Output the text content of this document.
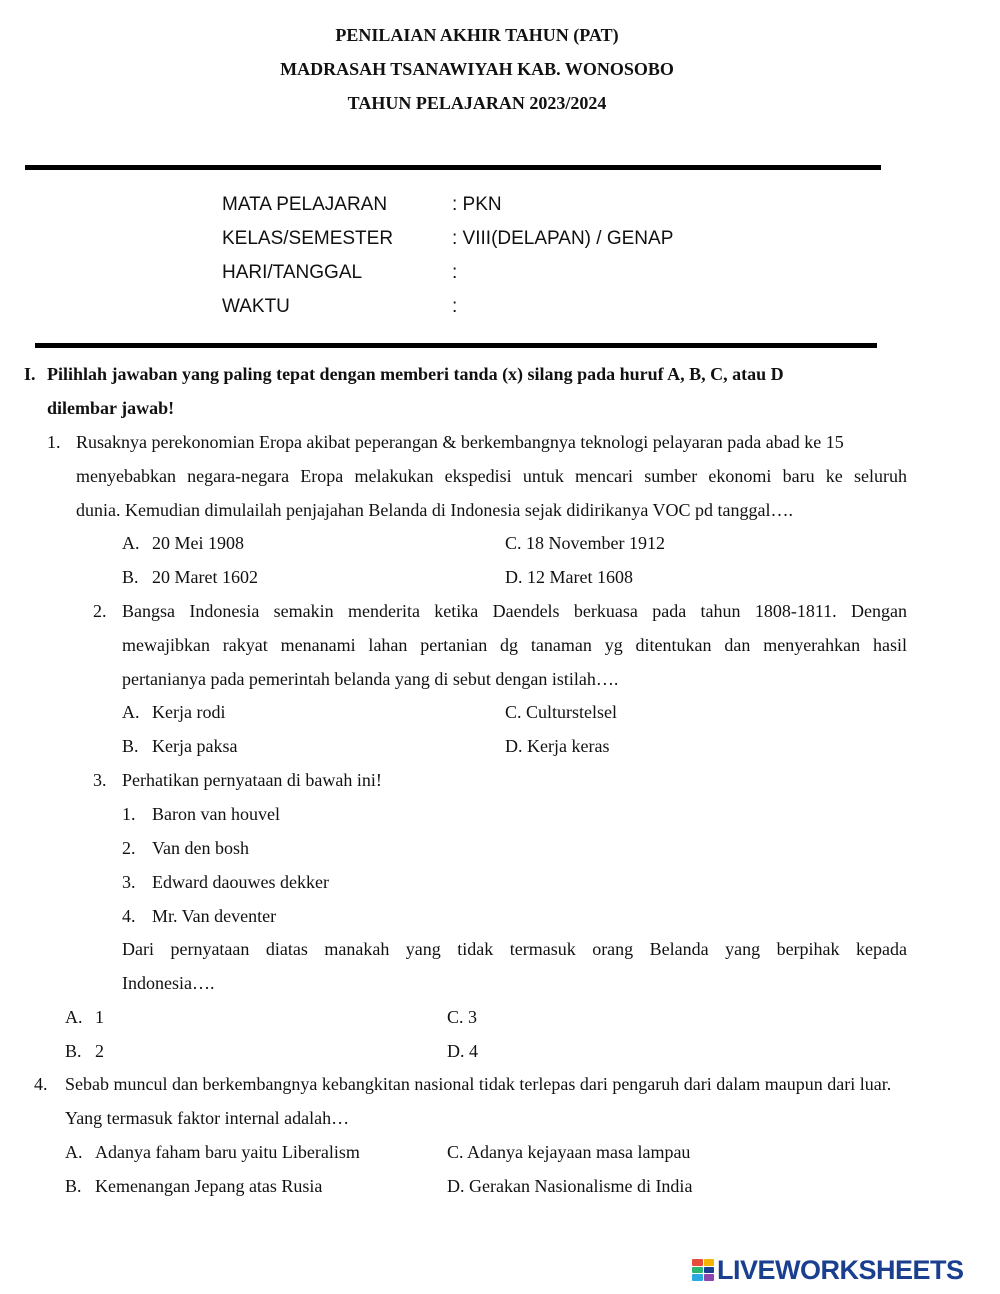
PENILAIAN AKHIR TAHUN (PAT)
MADRASAH TSANAWIYAH KAB. WONOSOBO
TAHUN PELAJARAN 2023/2024
MATA PELAJARAN	: PKN
KELAS/SEMESTER	: VIII(DELAPAN) / GENAP
HARI/TANGGAL	:
WAKTU	:
I. Pilihlah jawaban yang paling tepat dengan memberi tanda (x) silang pada huruf A, B, C, atau D
dilembar jawab!
1. Rusaknya perekonomian Eropa akibat peperangan & berkembangnya teknologi pelayaran pada abad ke 15
menyebabkan negara-negara Eropa melakukan ekspedisi untuk mencari sumber ekonomi baru ke seluruh
dunia. Kemudian dimulailah penjajahan Belanda di Indonesia sejak didirikanya VOC pd tanggal….
A. 20 Mei 1908	C. 18 November 1912
B. 20 Maret 1602	D. 12 Maret 1608
2. Bangsa Indonesia semakin menderita ketika Daendels berkuasa pada tahun 1808-1811. Dengan
mewajibkan rakyat menanami lahan pertanian dg tanaman yg ditentukan dan menyerahkan hasil
pertanianya pada pemerintah belanda yang di sebut dengan istilah….
A. Kerja rodi	C. Culturstelsel
B. Kerja paksa	D. Kerja keras
3. Perhatikan pernyataan di bawah ini!
1. Baron van houvel
2. Van den bosh
3. Edward daouwes dekker
4. Mr. Van deventer
Dari pernyataan diatas manakah yang tidak termasuk orang Belanda yang berpihak kepada
Indonesia….
A. 1	C. 3
B. 2	D. 4
4. Sebab muncul dan berkembangnya kebangkitan nasional tidak terlepas dari pengaruh dari dalam maupun dari luar.
Yang termasuk faktor internal adalah…
A. Adanya faham baru yaitu Liberalism	C. Adanya kejayaan masa lampau
B. Kemenangan Jepang atas Rusia	D. Gerakan Nasionalisme di India
LIVEWORKSHEETS
